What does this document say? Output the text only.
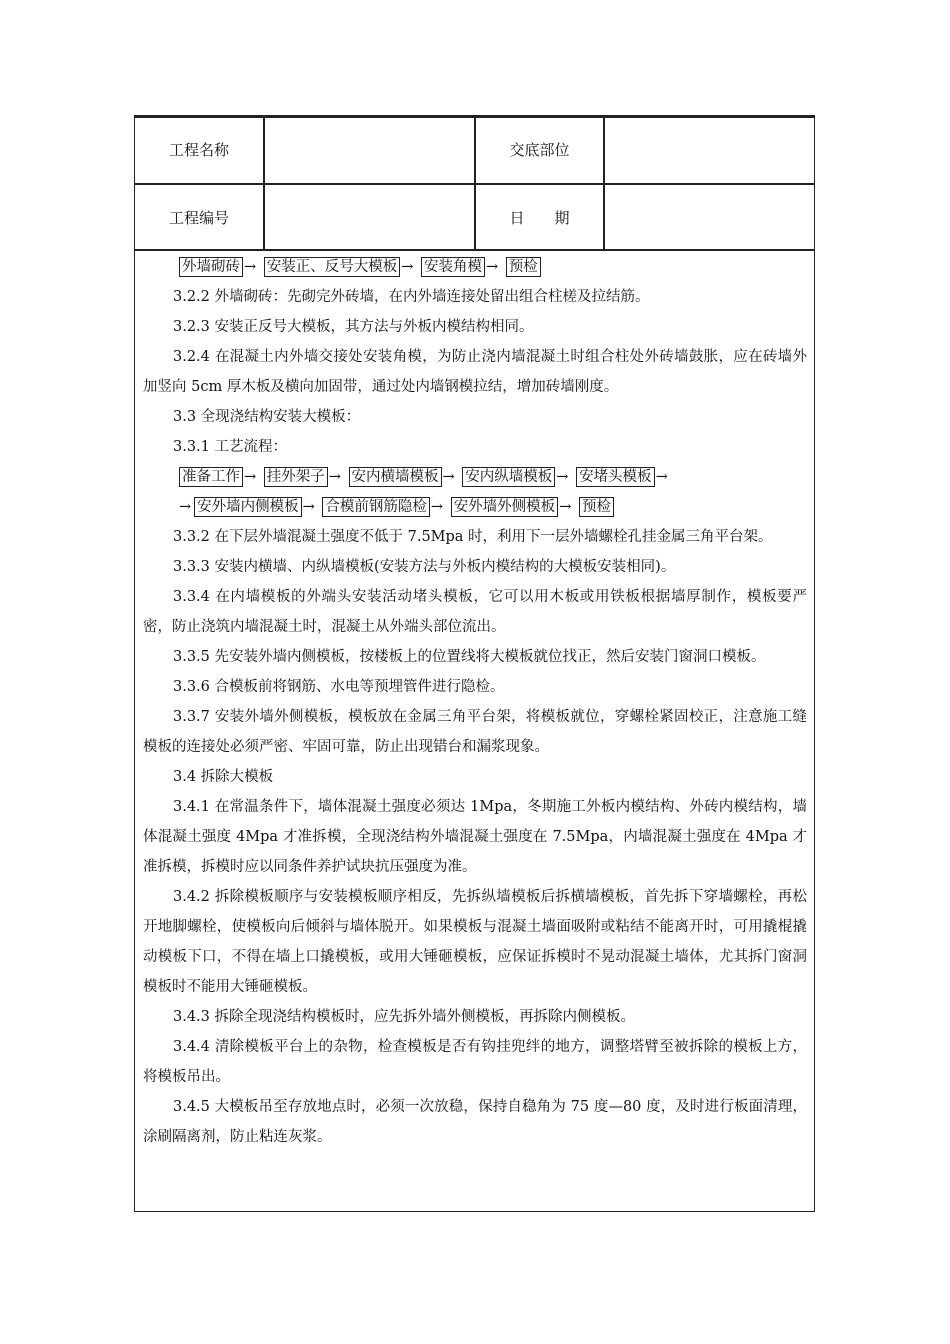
工程名称	交底部位
工程编号	日　　期
外墙砌砖 → 安装正、反号大模板 → 安装角模 → 预检

3.2.2 外墙砌砖：先砌完外砖墙，在内外墙连接处留出组合柱槎及拉结筋。

3.2.3 安装正反号大模板，其方法与外板内模结构相同。

3.2.4 在混凝土内外墙交接处安装角模，为防止浇内墙混凝土时组合柱处外砖墙鼓胀，应在砖墙外加竖向 5cm 厚木板及横向加固带，通过处内墙钢模拉结，增加砖墙刚度。

3.3 全现浇结构安装大模板：

3.3.1 工艺流程：

准备工作 → 挂外架子 → 安内横墙模板 → 安内纵墙模板 → 安堵头模板 →
→ 安外墙内侧模板 → 合模前钢筋隐检 → 安外墙外侧模板 → 预检

3.3.2 在下层外墙混凝土强度不低于 7.5Mpa 时，利用下一层外墙螺栓孔挂金属三角平台架。

3.3.3 安装内横墙、内纵墙模板(安装方法与外板内模结构的大模板安装相同)。

3.3.4 在内墙模板的外端头安装活动堵头模板，它可以用木板或用铁板根据墙厚制作，模板要严密，防止浇筑内墙混凝土时，混凝土从外端头部位流出。

3.3.5 先安装外墙内侧模板，按楼板上的位置线将大模板就位找正，然后安装门窗洞口模板。

3.3.6 合模板前将钢筋、水电等预埋管件进行隐检。

3.3.7 安装外墙外侧模板，模板放在金属三角平台架，将模板就位，穿螺栓紧固校正，注意施工缝模板的连接处必须严密、牢固可靠，防止出现错台和漏浆现象。

3.4 拆除大模板

3.4.1 在常温条件下，墙体混凝土强度必须达 1Mpa，冬期施工外板内模结构、外砖内模结构，墙体混凝土强度 4Mpa 才准拆模，全现浇结构外墙混凝土强度在 7.5Mpa，内墙混凝土强度在 4Mpa 才准拆模，拆模时应以同条件养护试块抗压强度为准。

3.4.2 拆除模板顺序与安装模板顺序相反，先拆纵墙模板后拆横墙模板，首先拆下穿墙螺栓，再松开地脚螺栓，使模板向后倾斜与墙体脱开。如果模板与混凝土墙面吸附或粘结不能离开时，可用撬棍撬动模板下口，不得在墙上口撬模板，或用大锤砸模板，应保证拆模时不晃动混凝土墙体，尤其拆门窗洞模板时不能用大锤砸模板。

3.4.3 拆除全现浇结构模板时，应先拆外墙外侧模板，再拆除内侧模板。

3.4.4 清除模板平台上的杂物，检查模板是否有钩挂兜绊的地方，调整塔臂至被拆除的模板上方，将模板吊出。

3.4.5 大模板吊至存放地点时，必须一次放稳，保持自稳角为 75 度—80 度，及时进行板面清理，涂刷隔离剂，防止粘连灰浆。
